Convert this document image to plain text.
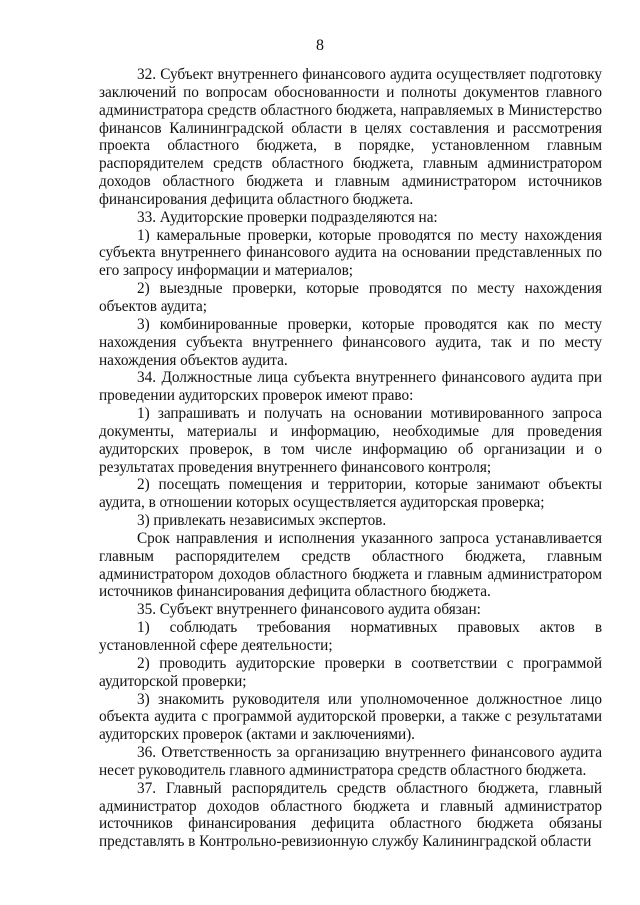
8

32. Субъект внутреннего финансового аудита осуществляет подготовку заключений по вопросам обоснованности и полноты документов главного администратора средств областного бюджета, направляемых в Министерство финансов Калининградской области в целях составления и рассмотрения проекта областного бюджета, в порядке, установленном главным распорядителем средств областного бюджета, главным администратором доходов областного бюджета и главным администратором источников финансирования дефицита областного бюджета.

33. Аудиторские проверки подразделяются на:

1) камеральные проверки, которые проводятся по месту нахождения субъекта внутреннего финансового аудита на основании представленных по его запросу информации и материалов;

2) выездные проверки, которые проводятся по месту нахождения объектов аудита;

3) комбинированные проверки, которые проводятся как по месту нахождения субъекта внутреннего финансового аудита, так и по месту нахождения объектов аудита.

34. Должностные лица субъекта внутреннего финансового аудита при проведении аудиторских проверок имеют право:

1) запрашивать и получать на основании мотивированного запроса документы, материалы и информацию, необходимые для проведения аудиторских проверок, в том числе информацию об организации и о результатах проведения внутреннего финансового контроля;

2) посещать помещения и территории, которые занимают объекты аудита, в отношении которых осуществляется аудиторская проверка;

3) привлекать независимых экспертов.

Срок направления и исполнения указанного запроса устанавливается главным распорядителем средств областного бюджета, главным администратором доходов областного бюджета и главным администратором источников финансирования дефицита областного бюджета.

35. Субъект внутреннего финансового аудита обязан:

1) соблюдать требования нормативных правовых актов в установленной сфере деятельности;

2) проводить аудиторские проверки в соответствии с программой аудиторской проверки;

3) знакомить руководителя или уполномоченное должностное лицо объекта аудита с программой аудиторской проверки, а также с результатами аудиторских проверок (актами и заключениями).

36. Ответственность за организацию внутреннего финансового аудита несет руководитель главного администратора средств областного бюджета.

37. Главный распорядитель средств областного бюджета, главный администратор доходов областного бюджета и главный администратор источников финансирования дефицита областного бюджета обязаны представлять в Контрольно-ревизионную службу Калининградской области
